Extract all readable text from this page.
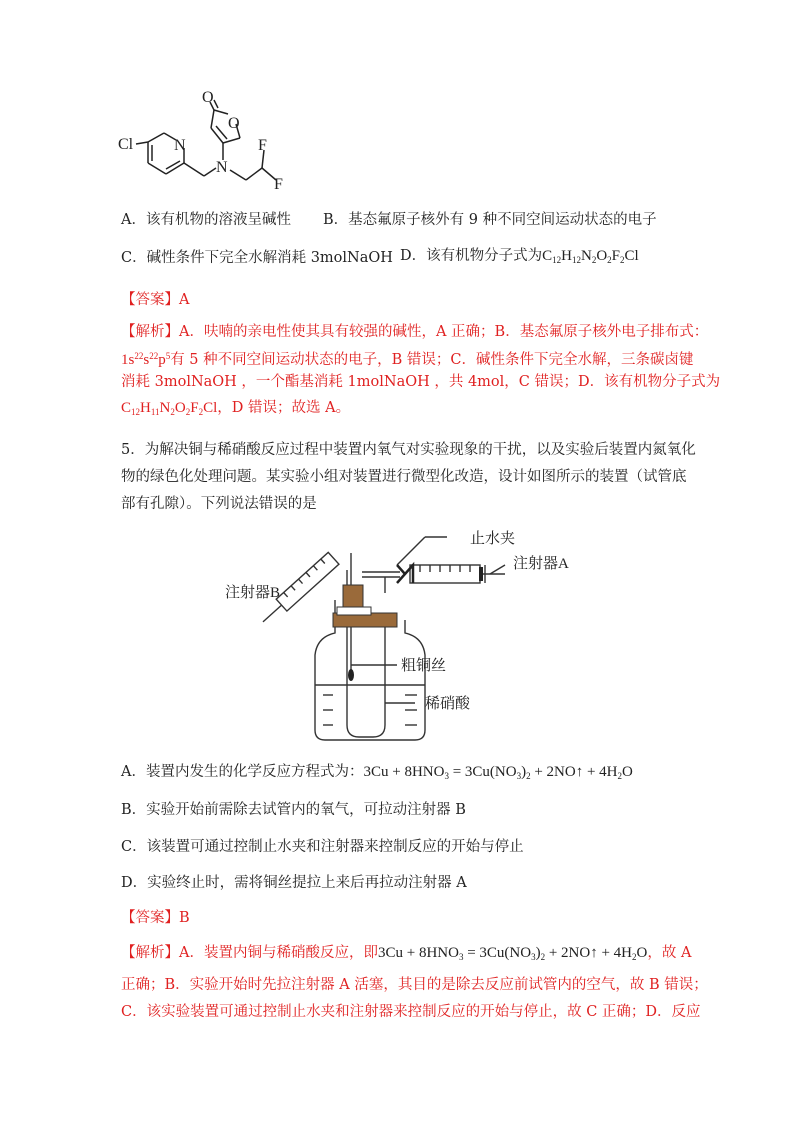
Cl	N
N
O
O
F
F
A．该有机物的溶液呈碱性 B．基态氟原子核外有 9 种不同空间运动状态的电子
C．碱性条件下完全水解消耗 3molNaOH D．该有机物分子式为$C_{12}H_{12}N_2O_2F_2Cl$
【答案】A
【解析】A．呋喃的亲电性使其具有较强的碱性，A 正确；B．基态氟原子核外电子排布式：
$1s^{22}s^{22}p^5$有 5 种不同空间运动状态的电子，B 错误；C．碱性条件下完全水解，三条碳卤键
消耗 3molNaOH ，一个酯基消耗 1molNaOH ，共 4mol，C 错误；D．该有机物分子式为
$C_{12}H_{11}N_2O_2F_2Cl$，D 错误；故选 A。
5．为解决铜与稀硝酸反应过程中装置内氧气对实验现象的干扰，以及实验后装置内氮氧化
物的绿色化处理问题。某实验小组对装置进行微型化改造，设计如图所示的装置（试管底
部有孔隙）。下列说法错误的是
止水夹
注射器A
注射器B
粗铜丝
稀硝酸
A．装置内发生的化学反应方程式为：$3Cu + 8HNO_3 = 3Cu(NO_3)_2$ + 2NO↑ + $4H_2O$
B．实验开始前需除去试管内的氧气，可拉动注射器 B
C．该装置可通过控制止水夹和注射器来控制反应的开始与停止
D．实验终止时，需将铜丝提拉上来后再拉动注射器 A
【答案】B
【解析】A．装置内铜与稀硝酸反应，即$3Cu + 8HNO_3 = 3Cu(NO_3)_2$ + 2NO↑ + $4H_2O$，故 A
正确；B．实验开始时先拉注射器 A 活塞，其目的是除去反应前试管内的空气，故 B 错误；
C．该实验装置可通过控制止水夹和注射器来控制反应的开始与停止，故 C 正确；D．反应
